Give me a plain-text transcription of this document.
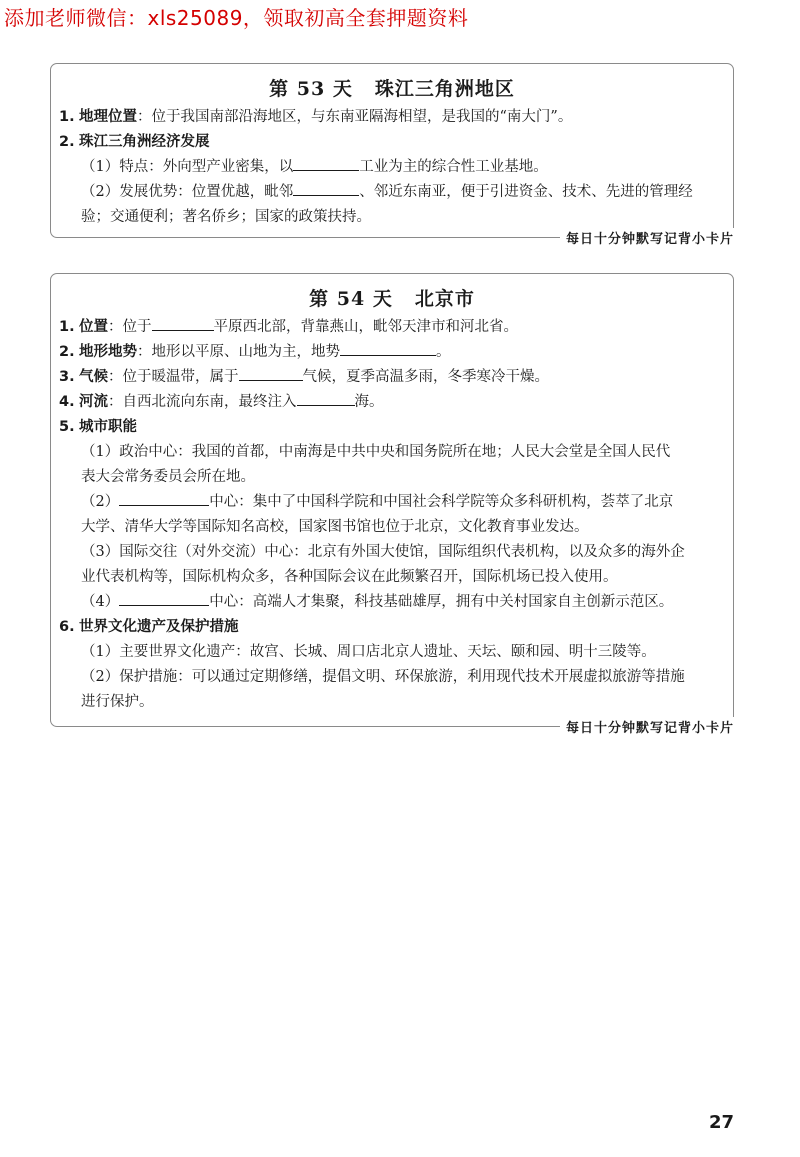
添加老师微信：xls25089，领取初高全套押题资料
第 53 天 珠江三角洲地区
1. 地理位置：位于我国南部沿海地区，与东南亚隔海相望，是我国的“南大门”。
2. 珠江三角洲经济发展
（1）特点：外向型产业密集，以	工业为主的综合性工业基地。
（2）发展优势：位置优越，毗邻	、邻近东南亚，便于引进资金、技术、先进的管理经
验；交通便利；著名侨乡；国家的政策扶持。
每日十分钟默写记背小卡片
第 54 天 北京市
1. 位置：位于	平原西北部，背靠燕山，毗邻天津市和河北省。
2. 地形地势：地形以平原、山地为主，地势	。
3. 气候：位于暖温带，属于	气候，夏季高温多雨，冬季寒冷干燥。
4. 河流：自西北流向东南，最终注入	海。
5. 城市职能
（1）政治中心：我国的首都，中南海是中共中央和国务院所在地；人民大会堂是全国人民代
表大会常务委员会所在地。
（2）	中心：集中了中国科学院和中国社会科学院等众多科研机构，荟萃了北京
大学、清华大学等国际知名高校，国家图书馆也位于北京，文化教育事业发达。
（3）国际交往（对外交流）中心：北京有外国大使馆，国际组织代表机构，以及众多的海外企
业代表机构等，国际机构众多，各种国际会议在此频繁召开，国际机场已投入使用。
（4）	中心：高端人才集聚，科技基础雄厚，拥有中关村国家自主创新示范区。
6. 世界文化遗产及保护措施
（1）主要世界文化遗产：故宫、长城、周口店北京人遗址、天坛、颐和园、明十三陵等。
（2）保护措施：可以通过定期修缮，提倡文明、环保旅游，利用现代技术开展虚拟旅游等措施
进行保护。
每日十分钟默写记背小卡片
27
